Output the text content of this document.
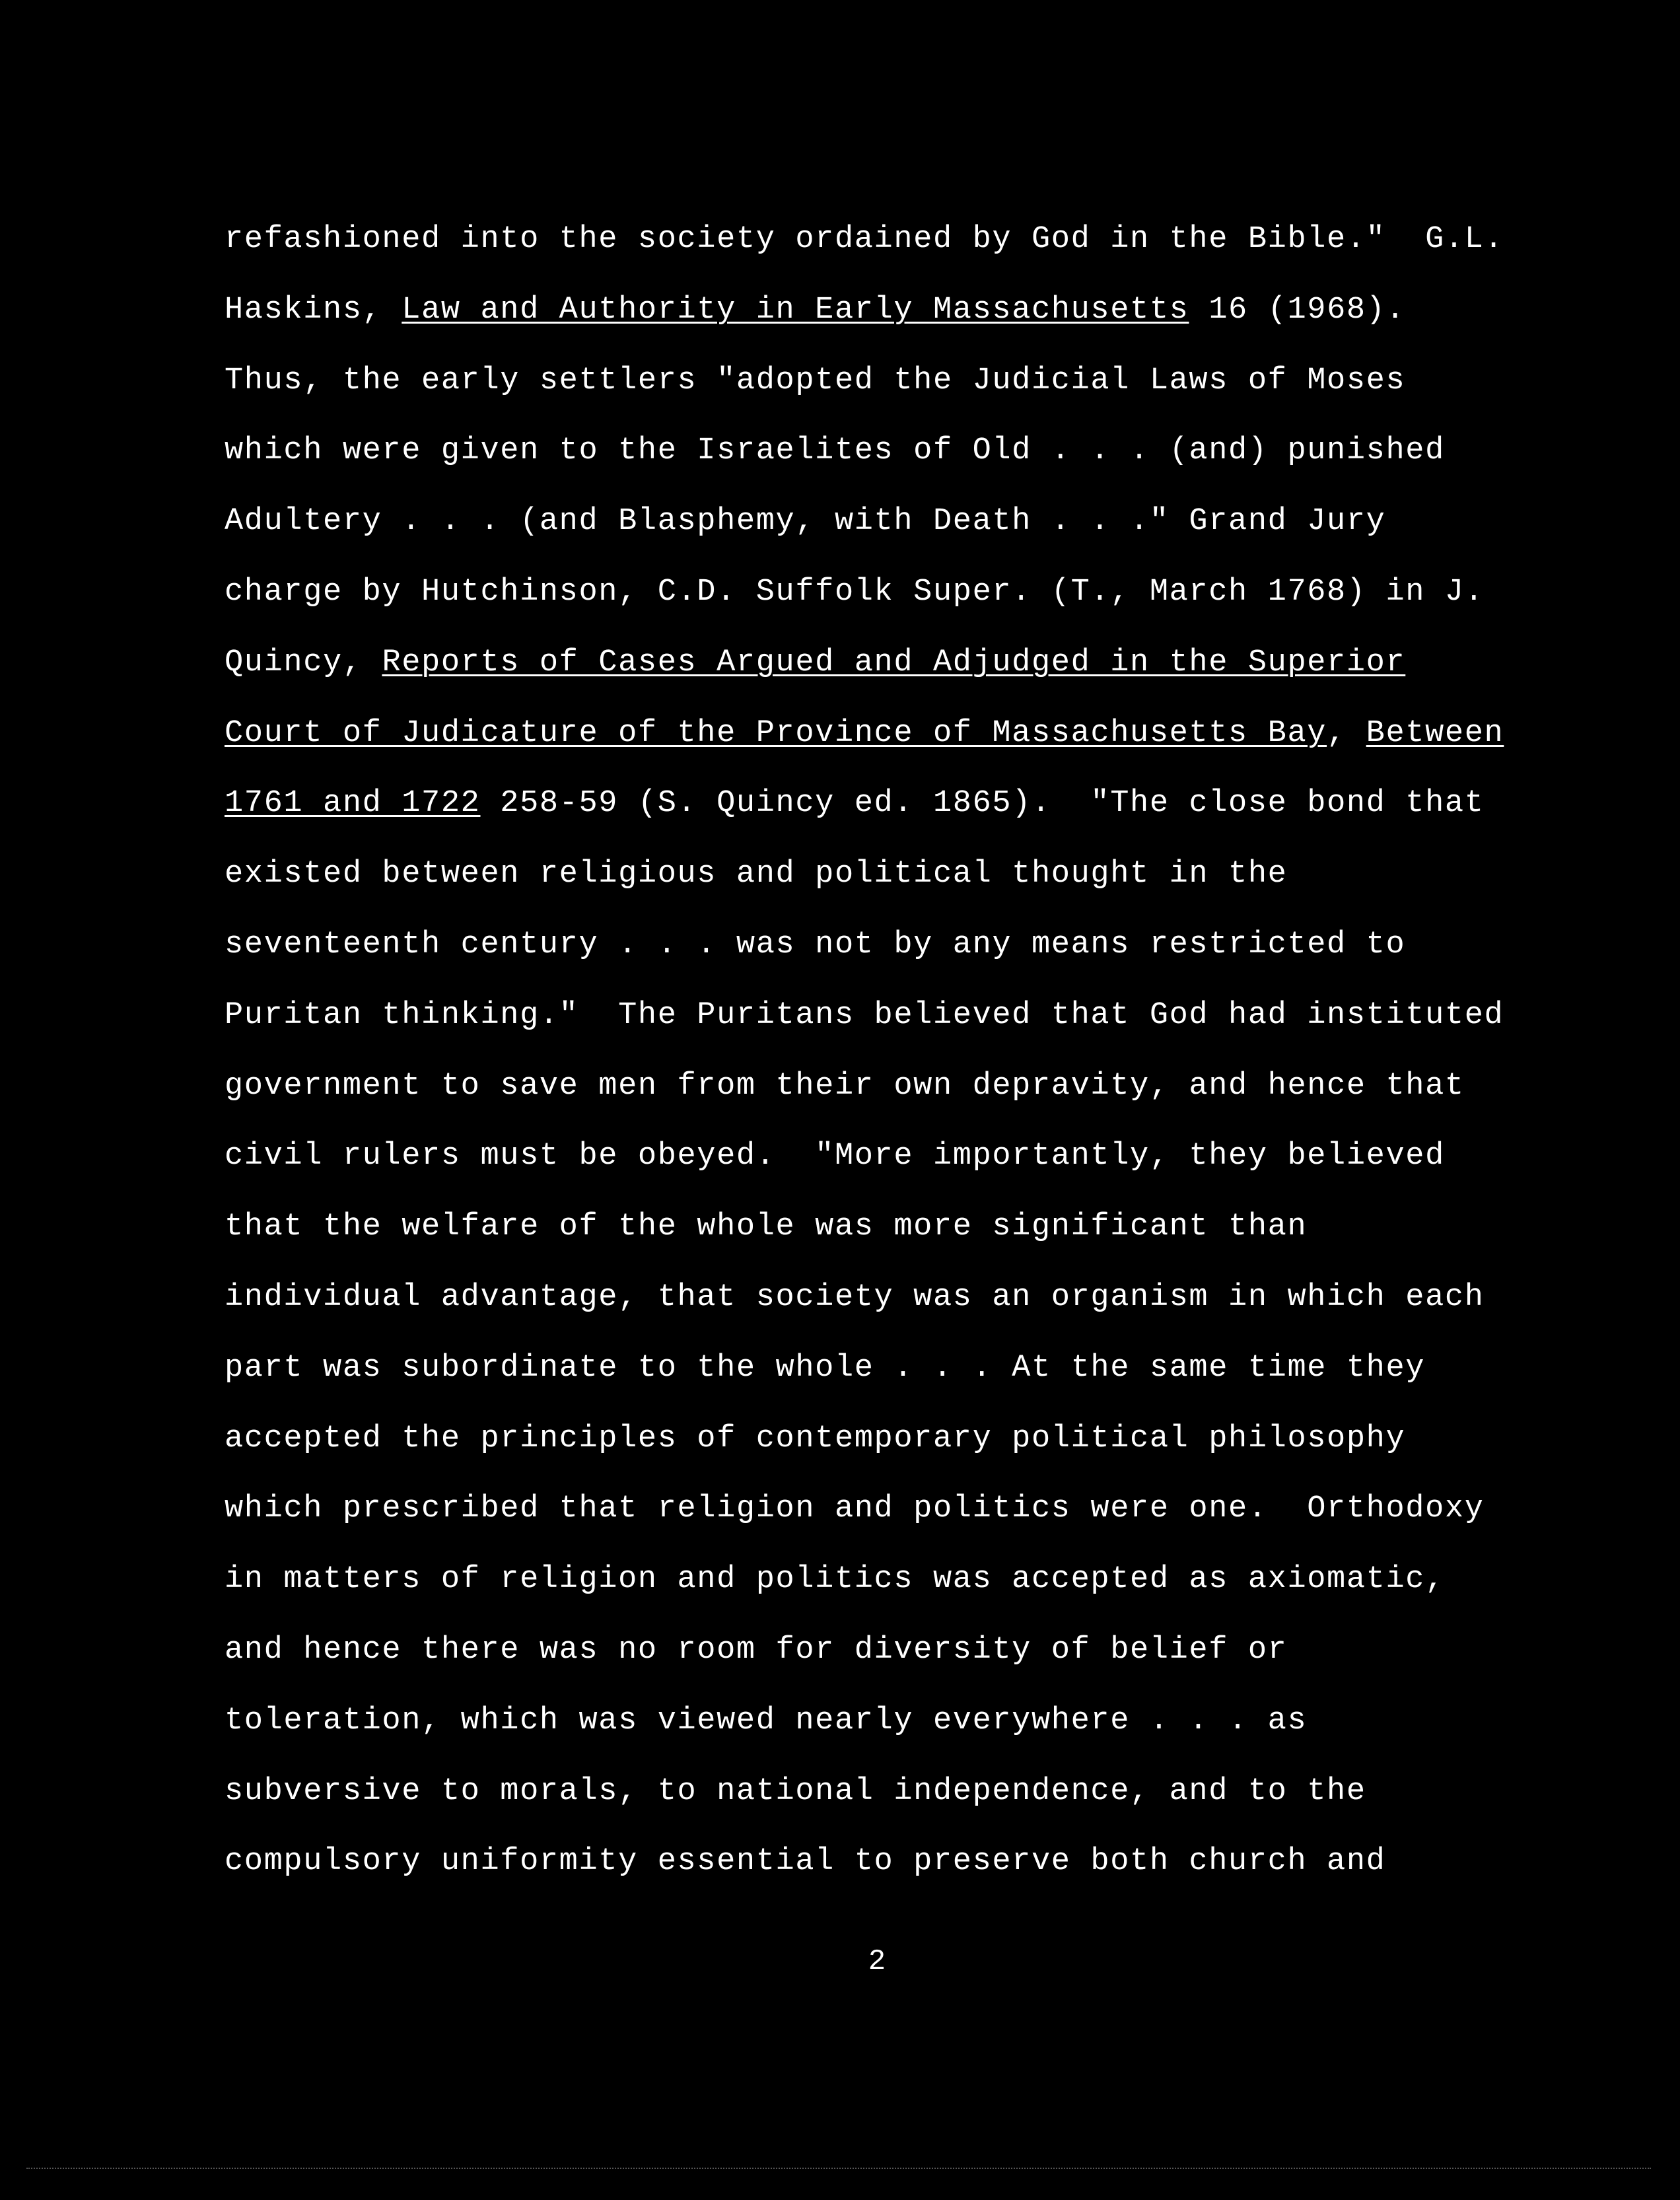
refashioned into the society ordained by God in the Bible."  G.L.
Haskins, Law and Authority in Early Massachusetts 16 (1968).
Thus, the early settlers "adopted the Judicial Laws of Moses
which were given to the Israelites of Old . . . (and) punished
Adultery . . . (and Blasphemy, with Death . . ." Grand Jury
charge by Hutchinson, C.D. Suffolk Super. (T., March 1768) in J.
Quincy, Reports of Cases Argued and Adjudged in the Superior
Court of Judicature of the Province of Massachusetts Bay, Between
1761 and 1722 258-59 (S. Quincy ed. 1865).  "The close bond that
existed between religious and political thought in the
seventeenth century . . . was not by any means restricted to
Puritan thinking."  The Puritans believed that God had instituted
government to save men from their own depravity, and hence that
civil rulers must be obeyed.  "More importantly, they believed
that the welfare of the whole was more significant than
individual advantage, that society was an organism in which each
part was subordinate to the whole . . . At the same time they
accepted the principles of contemporary political philosophy
which prescribed that religion and politics were one.  Orthodoxy
in matters of religion and politics was accepted as axiomatic,
and hence there was no room for diversity of belief or
toleration, which was viewed nearly everywhere . . . as
subversive to morals, to national independence, and to the
compulsory uniformity essential to preserve both church and
2
